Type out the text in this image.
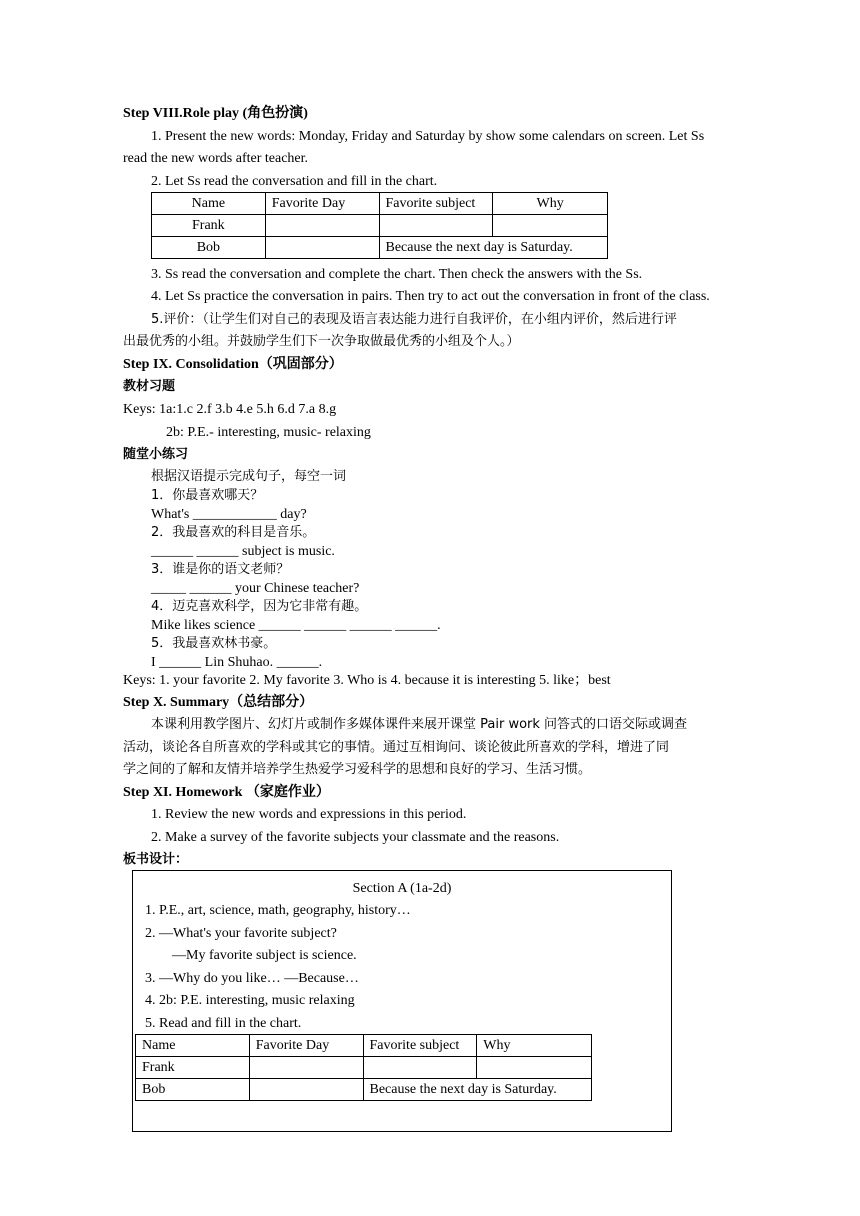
Step VIII.Role play (角色扮演)
1. Present the new words: Monday, Friday and Saturday by show some calendars on screen. Let Ss
read the new words after teacher.
2. Let Ss read the conversation and fill in the chart.
Name	Favorite Day	Favorite subject	Why
Frank			
Bob		Because the next day is Saturday.	
3. Ss read the conversation and complete the chart. Then check the answers with the Ss.
4. Let Ss practice the conversation in pairs. Then try to act out the conversation in front of the class.
5.评价：（让学生们对自己的表现及语言表达能力进行自我评价，在小组内评价，然后进行评
出最优秀的小组。并鼓励学生们下一次争取做最优秀的小组及个人。）
Step IX. Consolidation（巩固部分）
教材习题
Keys: 1a:1.c 2.f 3.b 4.e 5.h 6.d 7.a 8.g
2b: P.E.- interesting, music- relaxing
随堂小练习
根据汉语提示完成句子，每空一词
1．你最喜欢哪天？
What's ____________ day?
2．我最喜欢的科目是音乐。
______ ______ subject is music.
3．谁是你的语文老师？
_____ ______ your Chinese teacher?
4．迈克喜欢科学，因为它非常有趣。
Mike likes science ______ ______ ______ ______.
5．我最喜欢林书豪。
I ______ Lin Shuhao. ______.
Keys: 1. your favorite 2. My favorite 3. Who is 4. because it is interesting 5. like；best
Step X. Summary（总结部分）
本课利用教学图片、幻灯片或制作多媒体课件来展开课堂 Pair work 问答式的口语交际或调查
活动，谈论各自所喜欢的学科或其它的事情。通过互相询问、谈论彼此所喜欢的学科，增进了同
学之间的了解和友情并培养学生热爱学习爱科学的思想和良好的学习、生活习惯。
Step XI. Homework （家庭作业）
1. Review the new words and expressions in this period.
2. Make a survey of the favorite subjects your classmate and the reasons.
板书设计：
Section A (1a-2d)
1. P.E., art, science, math, geography, history…
2. —What's your favorite subject?
—My favorite subject is science.
3. —Why do you like… —Because…
4. 2b: P.E. interesting, music relaxing
5. Read and fill in the chart.
Name	Favorite Day	Favorite subject	Why
Frank			
Bob		Because the next day is Saturday.	
